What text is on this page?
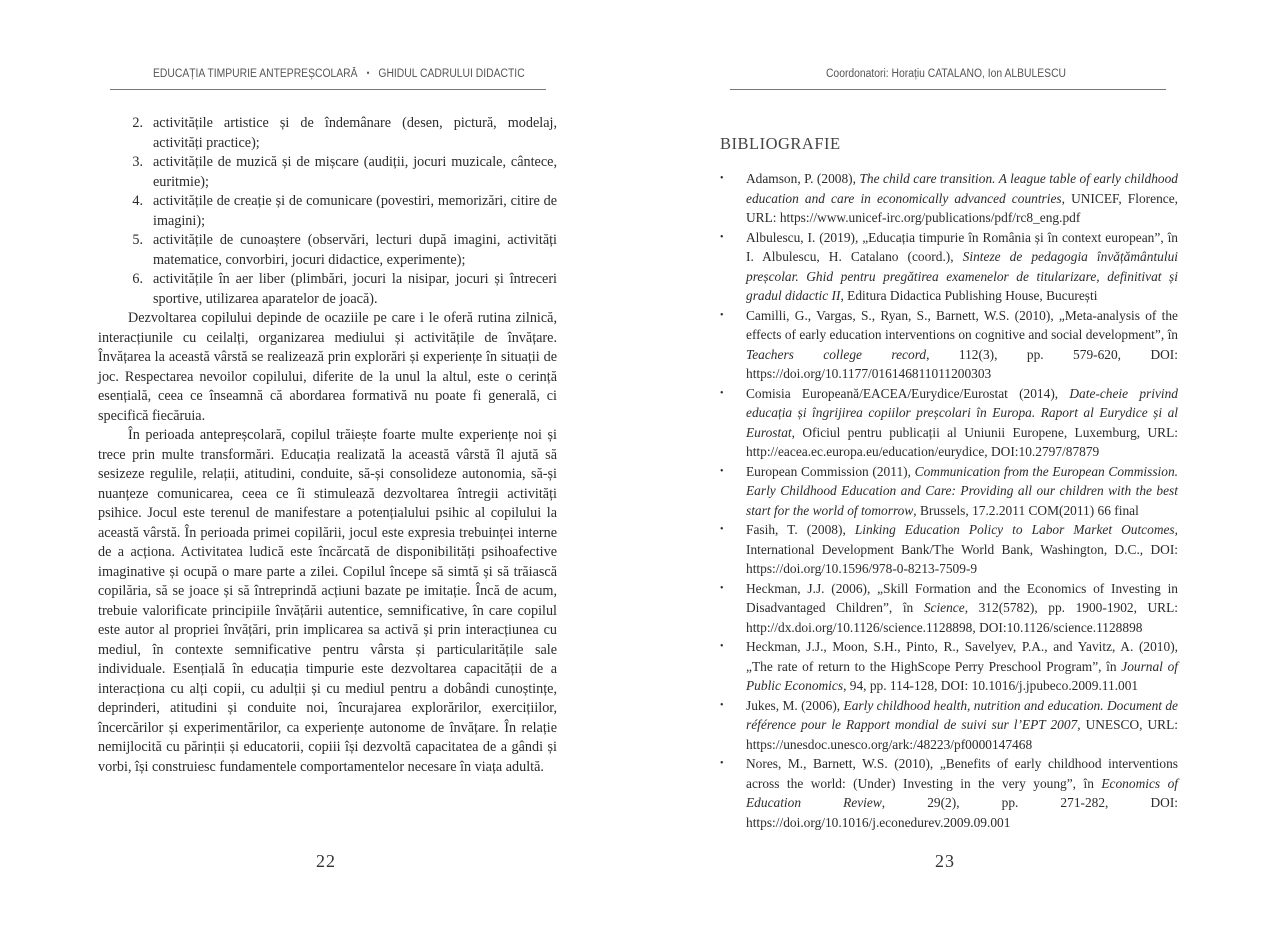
EDUCAȚIA TIMPURIE ANTEPREȘCOLARĂ • GHIDUL CADRULUI DIDACTIC
2. activitățile artistice și de îndemânare (desen, pictură, modelaj, activități practice);
3. activitățile de muzică și de mișcare (audiții, jocuri muzicale, cântece, euritmie);
4. activitățile de creație și de comunicare (povestiri, memorizări, citire de imagini);
5. activitățile de cunoaștere (observări, lecturi după imagini, activități matematice, convorbiri, jocuri didactice, experimente);
6. activitățile în aer liber (plimbări, jocuri la nisipar, jocuri și întreceri sportive, utilizarea aparatelor de joacă).

Dezvoltarea copilului depinde de ocaziile pe care i le oferă rutina zilnică, interacțiunile cu ceilalți, organizarea mediului și activitățile de învățare. Învățarea la această vârstă se realizează prin explorări și experiențe în situații de joc. Respectarea nevoilor copilului, diferite de la unul la altul, este o cerință esențială, ceea ce înseamnă că abordarea formativă nu poate fi generală, ci specifică fiecăruia.

În perioada antepreșcolară, copilul trăiește foarte multe experiențe noi și trece prin multe transformări. Educația realizată la această vârstă îl ajută să sesizeze regulile, relații, atitudini, conduite, să-și consolideze autonomia, să-și nuanțeze comunicarea, ceea ce îi stimulează dezvoltarea întregii activități psihice. Jocul este terenul de manifestare a potențialului psihic al copilului la această vârstă. În perioada primei copilării, jocul este expresia trebuinței interne de a acționa. Activitatea ludică este încărcată de disponibilități psihoafective imaginative și ocupă o mare parte a zilei. Copilul începe să simtă și să trăiască copilăria, să se joace și să întreprindă acțiuni bazate pe imitație. Încă de acum, trebuie valorificate principiile învățării autentice, semnificative, în care copilul este autor al propriei învățări, prin implicarea sa activă și prin interacțiunea cu mediul, în contexte semnificative pentru vârsta și particularitățile sale individuale. Esențială în educația timpurie este dezvoltarea capacității de a interacționa cu alți copii, cu adulții și cu mediul pentru a dobândi cunoștințe, deprinderi, atitudini și conduite noi, încurajarea explorărilor, exercițiilor, încercărilor și experimentărilor, ca experiențe autonome de învățare. În relație nemijlocită cu părinții și educatorii, copiii își dezvoltă capacitatea de a gândi și vorbi, își construiesc fundamentele comportamentelor necesare în viața adultă.

22
Coordonatori: Horațiu CATALANO, Ion ALBULESCU
BIBLIOGRAFIE
•	Adamson, P. (2008), The child care transition. A league table of early childhood education and care in economically advanced countries, UNICEF, Florence, URL: https://www.unicef-irc.org/publications/pdf/rc8_eng.pdf
•	Albulescu, I. (2019), „Educația timpurie în România și în context european”, în I. Albulescu, H. Catalano (coord.), Sinteze de pedagogia învățământului preșcolar. Ghid pentru pregătirea examenelor de titularizare, definitivat și gradul didactic II, Editura Didactica Publishing House, București
•	Camilli, G., Vargas, S., Ryan, S., Barnett, W.S. (2010), „Meta-analysis of the effects of early education interventions on cognitive and social development”, în Teachers college record, 112(3), pp. 579-620, DOI: https://doi.org/10.1177/016146811011200303
•	Comisia Europeană/EACEA/Eurydice/Eurostat (2014), Date-cheie privind educația și îngrijirea copiilor preșcolari în Europa. Raport al Eurydice și al Eurostat, Oficiul pentru publicații al Uniunii Europene, Luxemburg, URL: http://eacea.ec.europa.eu/education/eurydice, DOI:10.2797/87879
•	European Commission (2011), Communication from the European Commission. Early Childhood Education and Care: Providing all our children with the best start for the world of tomorrow, Brussels, 17.2.2011 COM(2011) 66 final
•	Fasih, T. (2008), Linking Education Policy to Labor Market Outcomes, International Development Bank/The World Bank, Washington, D.C., DOI: https://doi.org/10.1596/978-0-8213-7509-9
•	Heckman, J.J. (2006), „Skill Formation and the Economics of Investing in Disadvantaged Children”, în Science, 312(5782), pp. 1900-1902, URL: http://dx.doi.org/10.1126/science.1128898, DOI:10.1126/science.1128898
•	Heckman, J.J., Moon, S.H., Pinto, R., Savelyev, P.A., and Yavitz, A. (2010), „The rate of return to the HighScope Perry Preschool Program”, în Journal of Public Economics, 94, pp. 114-128, DOI: 10.1016/j.jpubeco.2009.11.001
•	Jukes, M. (2006), Early childhood health, nutrition and education. Document de référence pour le Rapport mondial de suivi sur l’EPT 2007, UNESCO, URL: https://unesdoc.unesco.org/ark:/48223/pf0000147468
•	Nores, M., Barnett, W.S. (2010), „Benefits of early childhood interventions across the world: (Under) Investing in the very young”, în Economics of Education Review, 29(2), pp. 271-282, DOI: https://doi.org/10.1016/j.econedurev.2009.09.001
23
